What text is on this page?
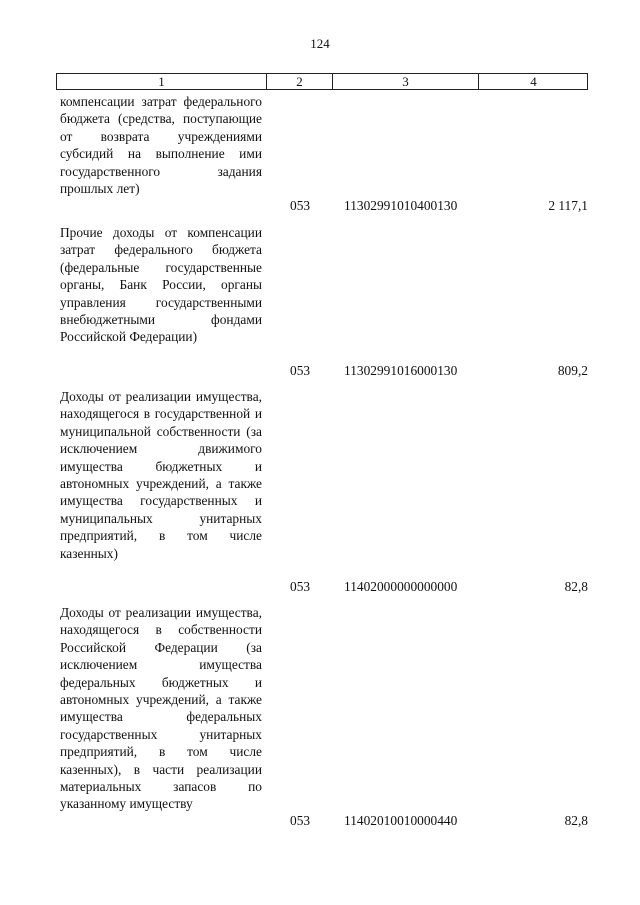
124
1	2	3	4

компенсации затрат федерального бюджета (средства, поступающие от возврата учреждениями субсидий на выполнение ими государственного задания прошлых лет)

053	11302991010400130	2 117,1

Прочие доходы от компенсации затрат федерального бюджета (федеральные государственные органы, Банк России, органы управления государственными внебюджетными фондами Российской Федерации)

053	11302991016000130	809,2

Доходы от реализации имущества, находящегося в государственной и муниципальной собственности (за исключением движимого имущества бюджетных и автономных учреждений, а также имущества государственных и муниципальных унитарных предприятий, в том числе казенных)

053	11402000000000000	82,8

Доходы от реализации имущества, находящегося в собственности Российской Федерации (за исключением имущества федеральных бюджетных и автономных учреждений, а также имущества федеральных государственных унитарных предприятий, в том числе казенных), в части реализации материальных запасов по указанному имуществу

053	11402010010000440	82,8
